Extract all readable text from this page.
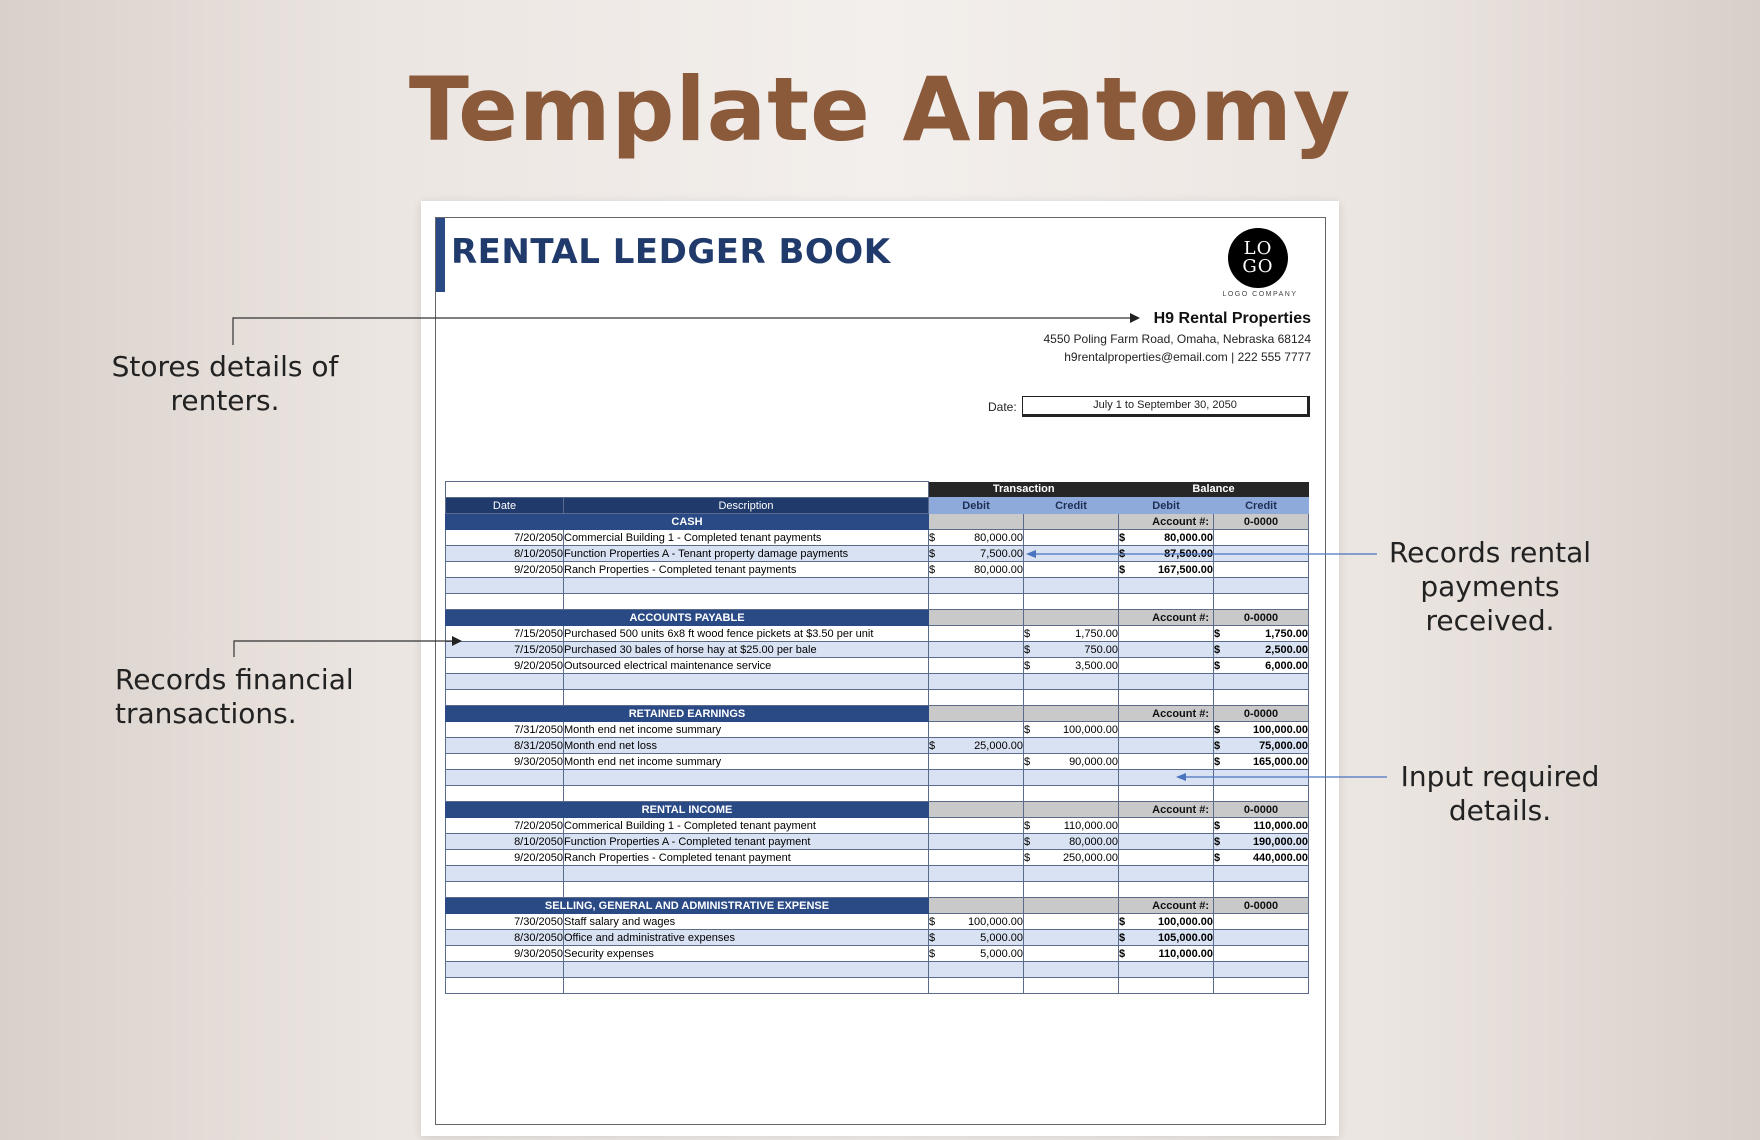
Template Anatomy
Stores details of renters.
Records financial transactions.
Records rental payments received.
Input required details.
RENTAL LEDGER BOOK	LO GO
LOGO COMPANY
H9 Rental Properties
4550 Poling Farm Road, Omaha, Nebraska 68124
h9rentalproperties@email.com | 222 555 7777
Date:	July 1 to September 30, 2050
		Transaction		Balance	
Date	Description	Debit	Credit	Debit	Credit
CASH				Account #:	0-0000
7/20/2050	Commercial Building 1 - Completed tenant payments	$ 80,000.00		$ 80,000.00	

8/10/2050	Function Properties A - Tenant property damage payments	$ 7,500.00		$ 87,500.00	

9/20/2050	Ranch Properties - Completed tenant payments	$ 80,000.00		$ 167,500.00	

ACCOUNTS PAYABLE				Account #:	0-0000
7/15/2050	Purchased 500 units 6x8 ft wood fence pickets at $3.50 per unit		$ 1,750.00		$ 1,750.00

7/15/2050	Purchased 30 bales of horse hay at $25.00 per bale		$ 750.00		$ 2,500.00

9/20/2050	Outsourced electrical maintenance service		$ 3,500.00		$ 6,000.00

RETAINED EARNINGS				Account #:	0-0000
7/31/2050	Month end net income summary		$ 100,000.00		$ 100,000.00

8/31/2050	Month end net loss	$ 25,000.00			$ 75,000.00

9/30/2050	Month end net income summary		$ 90,000.00		$ 165,000.00

RENTAL INCOME				Account #:	0-0000
7/20/2050	Commerical Building 1 - Completed tenant payment		$ 110,000.00		$ 110,000.00

8/10/2050	Function Properties A - Completed tenant payment		$ 80,000.00		$ 190,000.00

9/20/2050	Ranch Properties - Completed tenant payment		$ 250,000.00		$ 440,000.00

SELLING, GENERAL AND ADMINISTRATIVE EXPENSE				Account #:	0-0000
7/30/2050	Staff salary and wages	$ 100,000.00		$ 100,000.00	

8/30/2050	Office and administrative expenses	$ 5,000.00		$ 105,000.00	

9/30/2050	Security expenses	$ 5,000.00		$ 110,000.00	
